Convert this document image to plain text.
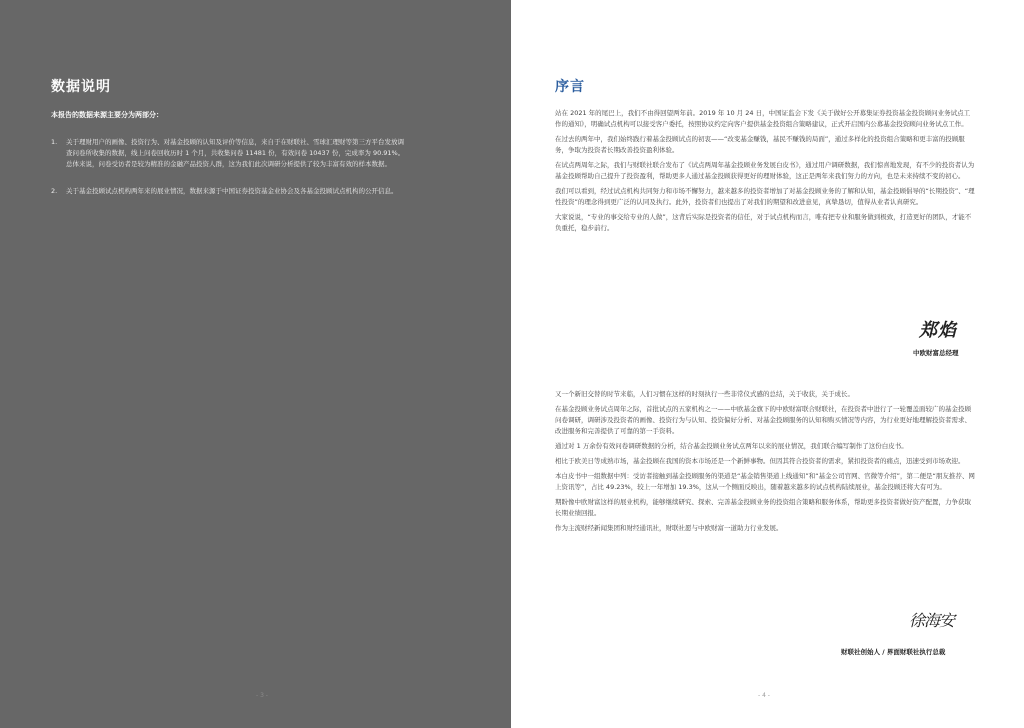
数据说明
本报告的数据来源主要分为两部分：
1.	关于理财用户的画像、投资行为、对基金投顾的认知及评价等信息，来自于在财联社、雪球汇理财等第三方平台发放调查问卷所收集的数据，线上问卷回收历时 1 个月，共收集问卷 11481 份，有效问卷 10437 份，完成率为 90.91%。

总体来说，问卷受访者是较为精准的金融产品投资人群，这为我们此次调研分析提供了较为丰富有效的样本数据。

2.	关于基金投顾试点机构两年来的展业情况，数据来源于中国证券投资基金业协会及各基金投顾试点机构的公开信息。

- 3 -
序言

站在 2021 年的尾巴上，我们不由得回望两年前。2019 年 10 月 24 日，中国证监会下发《关于做好公开募集证券投资基金投资顾问业务试点工作的通知》，明确试点机构可以接受客户委托，按照协议约定向客户提供基金投资组合策略建议，正式开启国内公募基金投资顾问业务试点工作。

在过去的两年中，我们始终践行着基金投顾试点的初衷——“改变基金赚钱，基民不赚钱的局面”，通过多样化的投资组合策略和更丰富的投顾服务，争取为投资者长期改善投资盈利体验。

在试点两周年之际，我们与财联社联合发布了《试点两周年基金投顾业务发展白皮书》，通过用户调研数据，我们惊喜地发现，有不少的投资者认为基金投顾帮助自己提升了投资盈利，帮助更多人通过基金投顾获得更好的理财体验，这正是两年来我们努力的方向，也是未来持续不变的初心。

我们可以看到，经过试点机构共同努力和市场不懈努力，越来越多的投资者增加了对基金投顾业务的了解和认知，基金投顾倡导的“长期投资”、“理性投资”的理念得到更广泛的认同及执行。此外，投资者们也提出了对我们的期望和改进意见，真挚恳切，值得从业者认真研究。

大家说说，“专业的事交给专业的人做”，这背后实际是投资者的信任，对于试点机构而言，唯有把专业和服务做到极致，打造更好的团队，才能不负重托，稳步前行。

郑焰
中欧财富总经理

又一个新旧交替的时节来临，人们习惯在这样的时刻执行一些非常仪式感的总结，关于收获，关于成长。

在基金投顾业务试点周年之际，首批试点的五家机构之一——中欧基金旗下的中欧财富联合财联社，在投资者中进行了一轮覆盖面较广的基金投顾问卷调研，调研涉及投资者的画像、投资行为与认知、投资偏好分析、对基金投顾服务的认知和购买情况等内容，为行业更好地理解投资者需求、改进服务和完善提供了可靠的第一手资料。

通过对 1 万余份有效问卷调研数据的分析，结合基金投顾业务试点两年以来的展业情况，我们联合编写制作了这份白皮书。

相比于欧美日等成熟市场，基金投顾在我国的资本市场还是一个新鲜事物。但因其符合投资者的需求，紧扣投资者的痛点，迅速受到市场欢迎。

本白皮书中一组数据中列：受访者接触到基金投顾服务的渠道是“基金销售渠道上线通知”和“基金公司官网、官微等介绍”，第二便是“朋友推荐、网上资讯等”，占比 49.23%，较上一年增加 19.3%，这从一个侧面反映出，随着越来越多的试点机构陆续展业，基金投顾还将大有可为。

期盼像中欧财富这样的展业机构，能够继续研究、探索、完善基金投顾业务的投资组合策略和服务体系，帮助更多投资者做好资产配置，力争获取长期业绩回报。

作为主流财经新闻集团和财经通讯社，财联社愿与中欧财富一道助力行业发展。

徐海安
财联社创始人 / 界面财联社执行总裁
- 4 -
